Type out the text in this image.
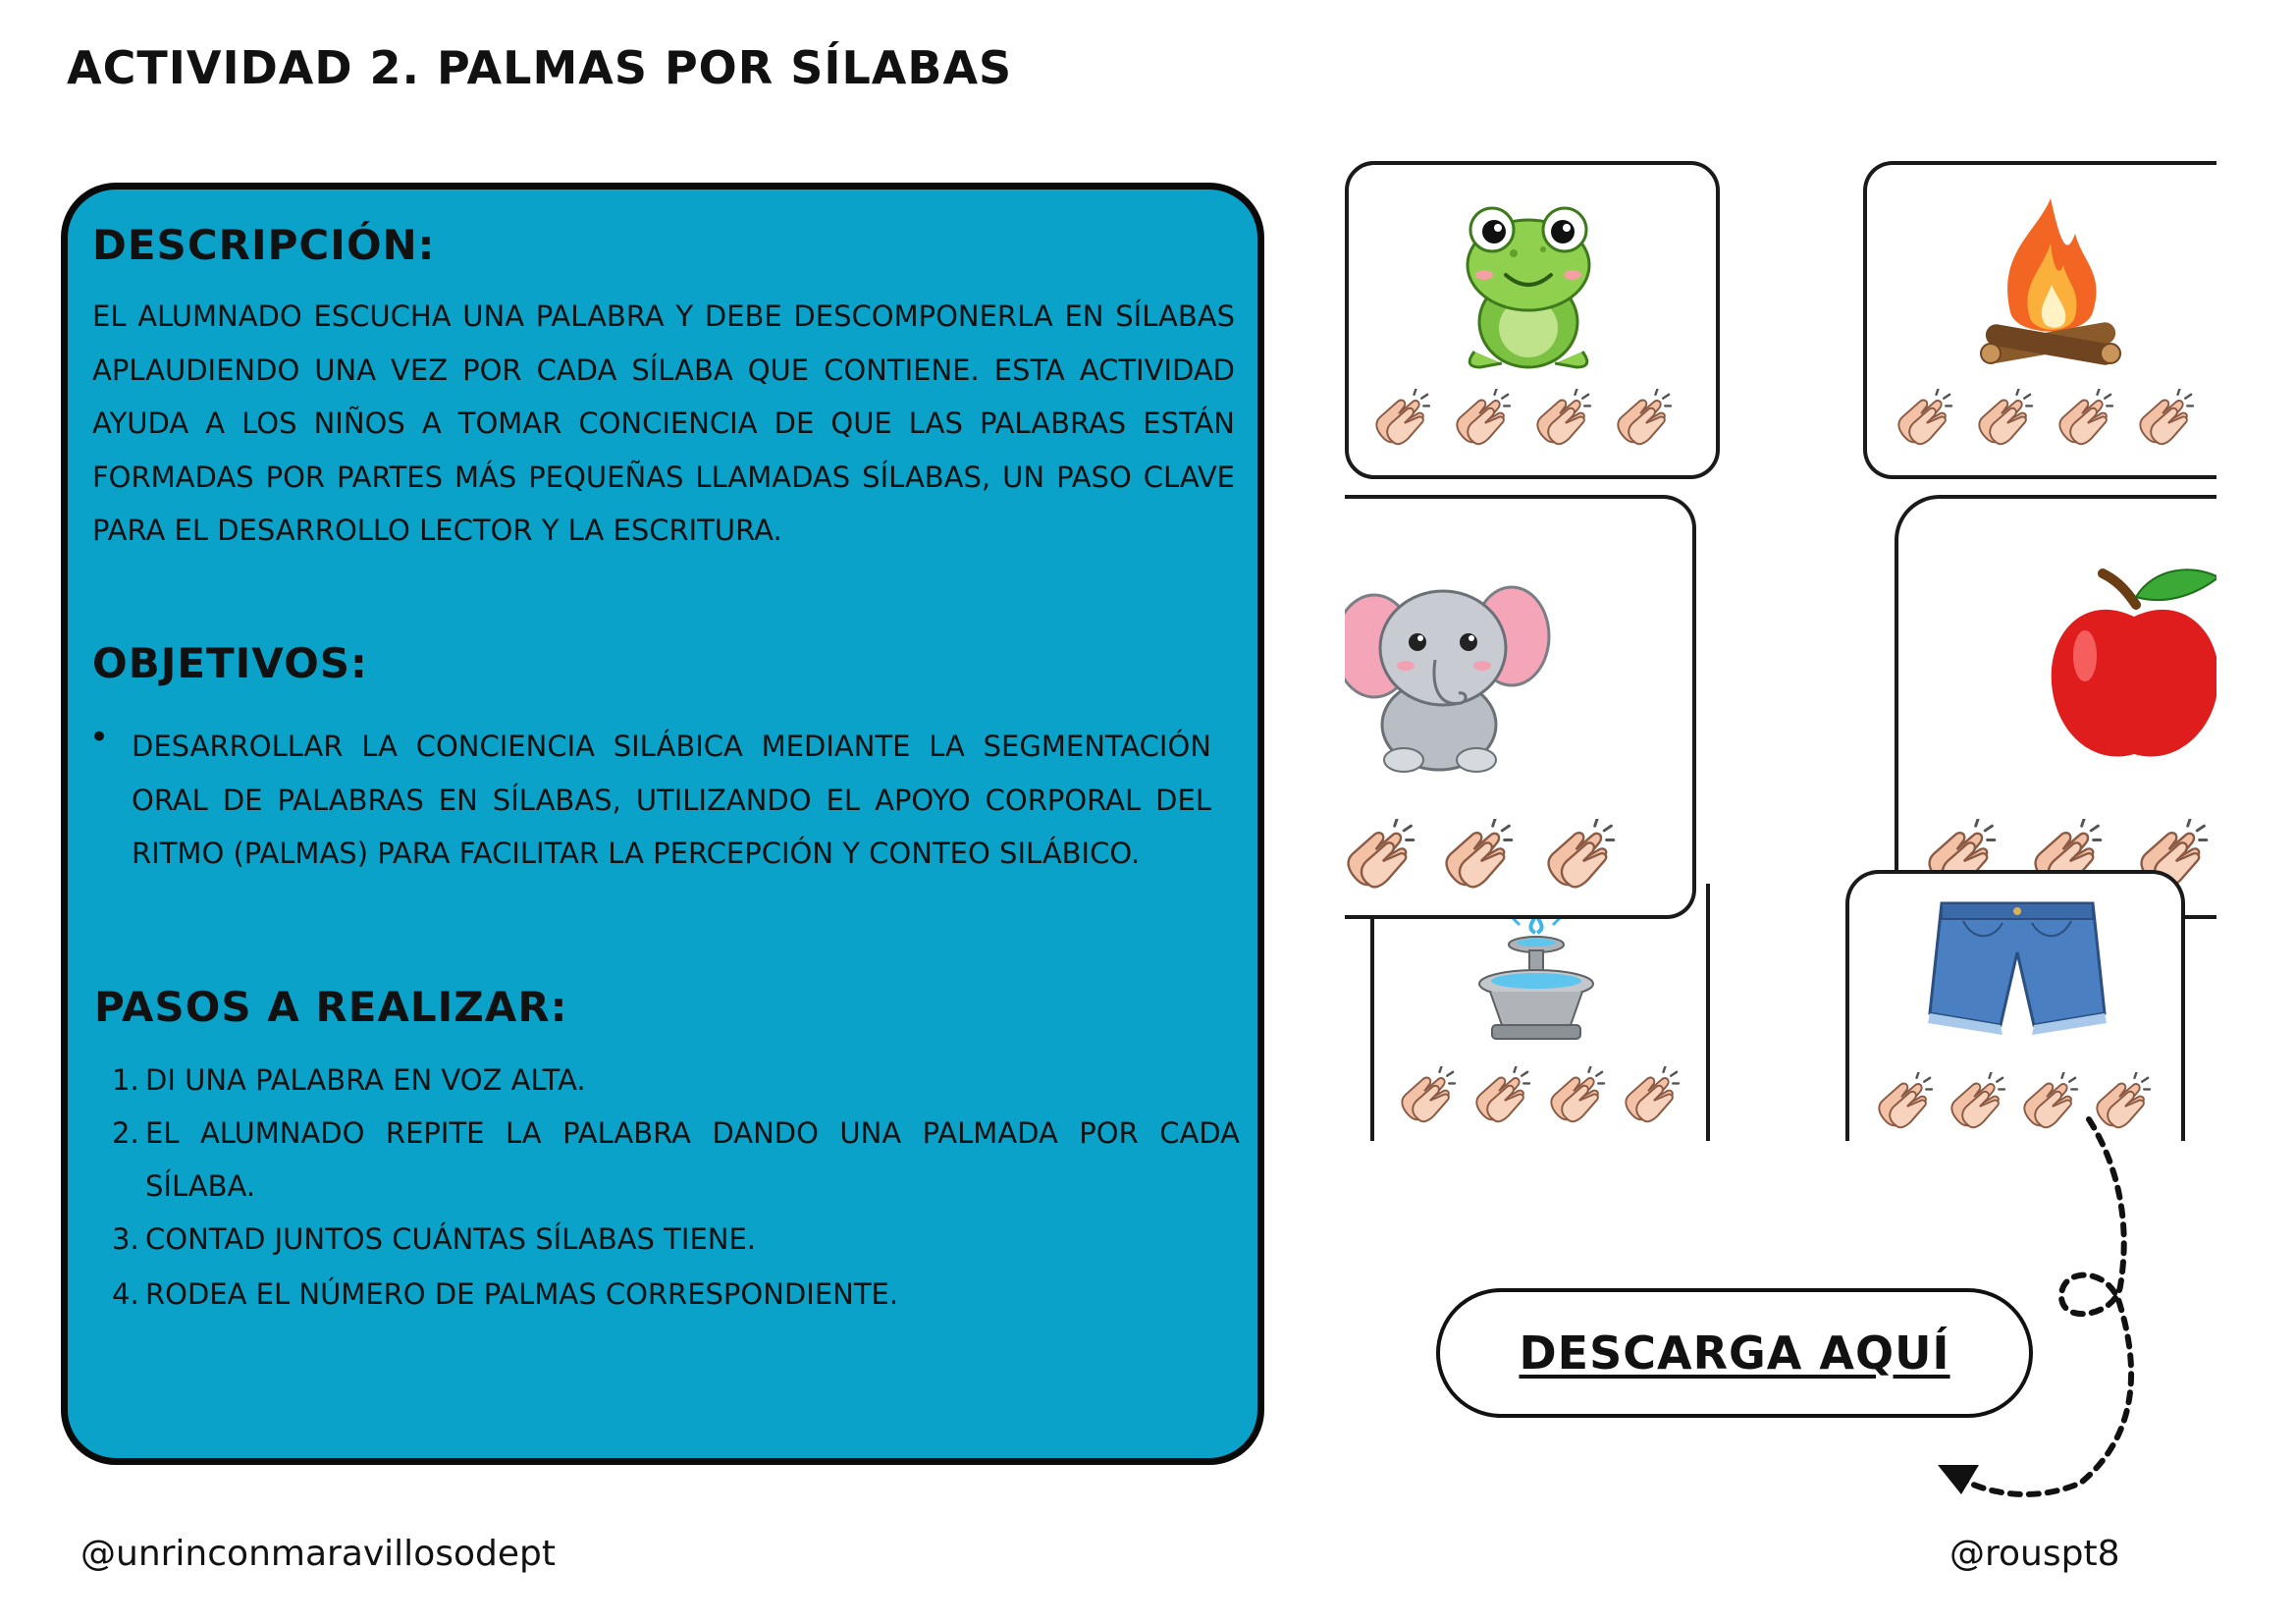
ACTIVIDAD 2. PALMAS POR SÍLABAS
DESCRIPCIÓN:
EL ALUMNADO ESCUCHA UNA PALABRA Y DEBE DESCOMPONERLA EN SÍLABAS APLAUDIENDO UNA VEZ POR CADA SÍLABA QUE CONTIENE. ESTA ACTIVIDAD AYUDA A LOS NIÑOS A TOMAR CONCIENCIA DE QUE LAS PALABRAS ESTÁN FORMADAS POR PARTES MÁS PEQUEÑAS LLAMADAS SÍLABAS, UN PASO CLAVE PARA EL DESARROLLO LECTOR Y LA ESCRITURA.
OBJETIVOS:
• DESARROLLAR LA CONCIENCIA SILÁBICA MEDIANTE LA SEGMENTACIÓN ORAL DE PALABRAS EN SÍLABAS, UTILIZANDO EL APOYO CORPORAL DEL RITMO (PALMAS) PARA FACILITAR LA PERCEPCIÓN Y CONTEO SILÁBICO.
PASOS A REALIZAR:
1. DI UNA PALABRA EN VOZ ALTA.
2. EL ALUMNADO REPITE LA PALABRA DANDO UNA PALMADA POR CADA SÍLABA.
3. CONTAD JUNTOS CUÁNTAS SÍLABAS TIENE.
4. RODEA EL NÚMERO DE PALMAS CORRESPONDIENTE.
DESCARGA AQUÍ
@unrinconmaravillosodept	@rouspt8
